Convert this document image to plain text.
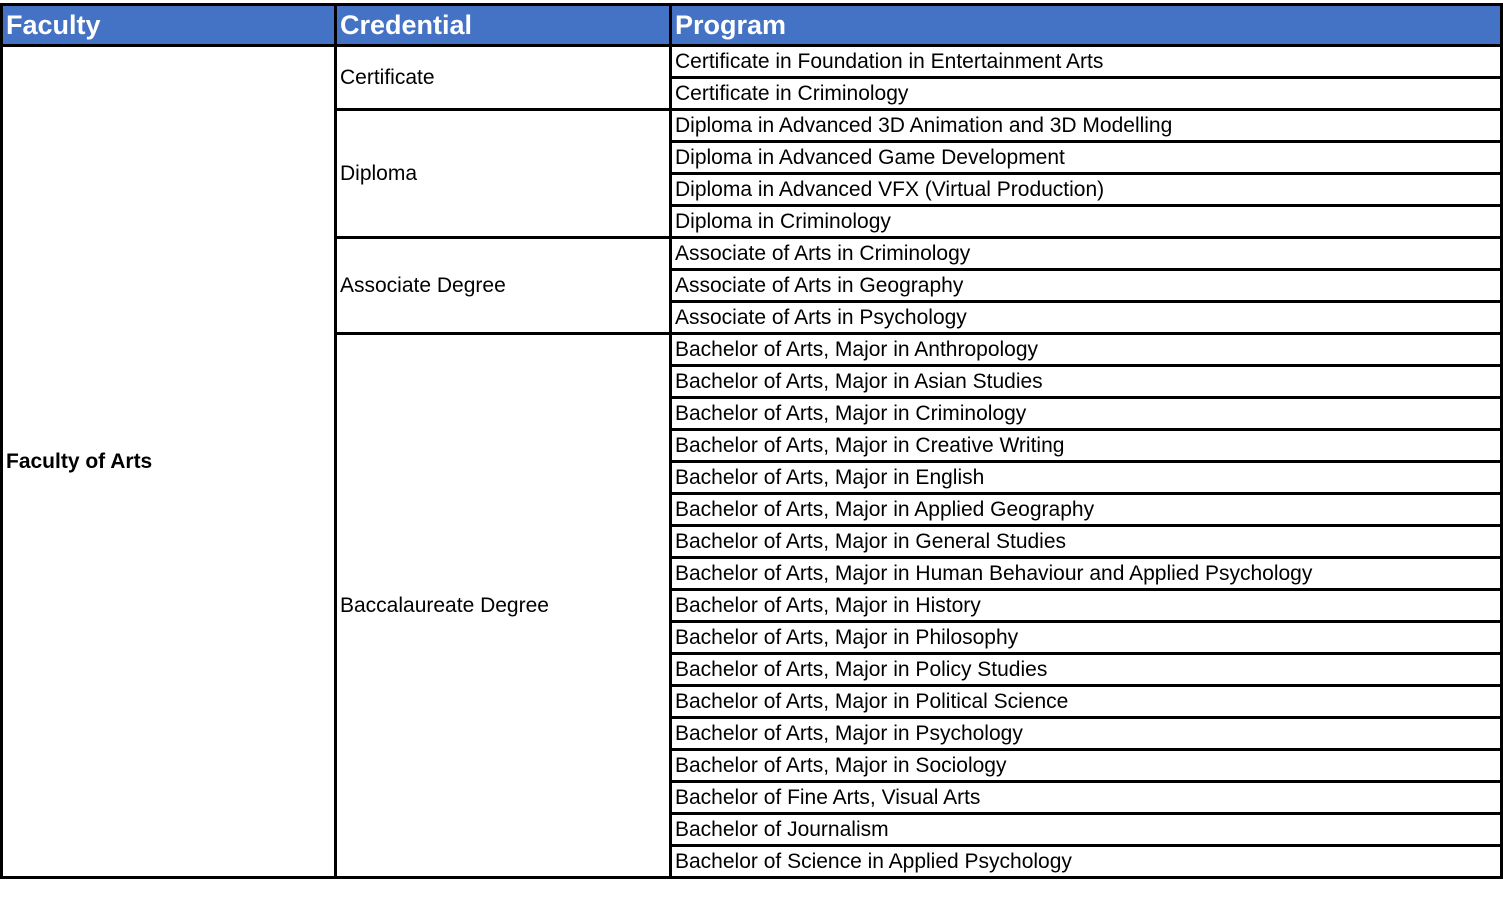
Faculty	Credential	Program
Faculty of Arts	Certificate	Certificate in Foundation in Entertainment Arts
		Certificate in Criminology
	Diploma	Diploma in Advanced 3D Animation and 3D Modelling
		Diploma in Advanced Game Development
		Diploma in Advanced VFX (Virtual Production)
		Diploma in Criminology
	Associate Degree	Associate of Arts in Criminology
		Associate of Arts in Geography
		Associate of Arts in Psychology
	Baccalaureate Degree	Bachelor of Arts, Major in Anthropology
		Bachelor of Arts, Major in Asian Studies
		Bachelor of Arts, Major in Criminology
		Bachelor of Arts, Major in Creative Writing
		Bachelor of Arts, Major in English
		Bachelor of Arts, Major in Applied Geography
		Bachelor of Arts, Major in General Studies
		Bachelor of Arts, Major in Human Behaviour and Applied Psychology
		Bachelor of Arts, Major in History
		Bachelor of Arts, Major in Philosophy
		Bachelor of Arts, Major in Policy Studies
		Bachelor of Arts, Major in Political Science
		Bachelor of Arts, Major in Psychology
		Bachelor of Arts, Major in Sociology
		Bachelor of Fine Arts, Visual Arts
		Bachelor of Journalism
		Bachelor of Science in Applied Psychology
